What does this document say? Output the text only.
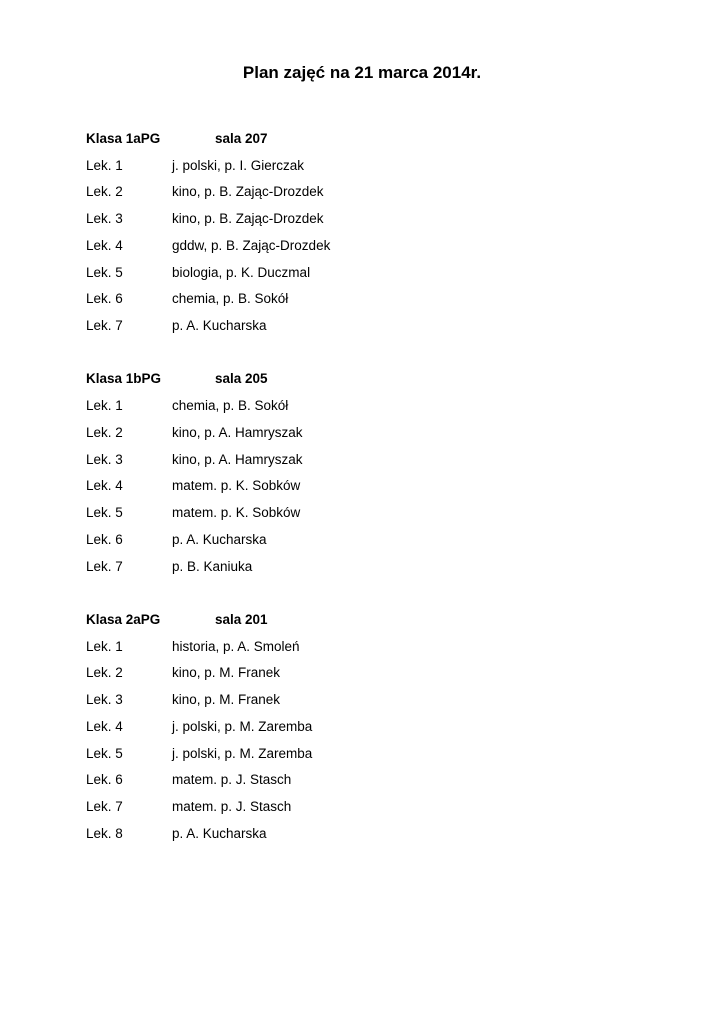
Plan zajęć na 21 marca 2014r.
Klasa 1aPG	sala 207
Lek. 1	j. polski, p. I. Gierczak
Lek. 2	kino, p. B. Zając-Drozdek
Lek. 3	kino, p. B. Zając-Drozdek
Lek. 4	gddw, p. B. Zając-Drozdek
Lek. 5	biologia, p. K. Duczmal
Lek. 6	chemia, p. B. Sokół
Lek. 7	p. A. Kucharska
Klasa 1bPG	sala 205
Lek. 1	chemia, p. B. Sokół
Lek. 2	kino, p. A. Hamryszak
Lek. 3	kino, p. A. Hamryszak
Lek. 4	matem. p. K. Sobków
Lek. 5	matem. p. K. Sobków
Lek. 6	p. A. Kucharska
Lek. 7	p. B. Kaniuka
Klasa 2aPG	sala 201
Lek. 1	historia, p. A. Smoleń
Lek. 2	kino, p. M. Franek
Lek. 3	kino, p. M. Franek
Lek. 4	j. polski, p. M. Zaremba
Lek. 5	j. polski, p. M. Zaremba
Lek. 6	matem. p. J. Stasch
Lek. 7	matem. p. J. Stasch
Lek. 8	p. A. Kucharska
